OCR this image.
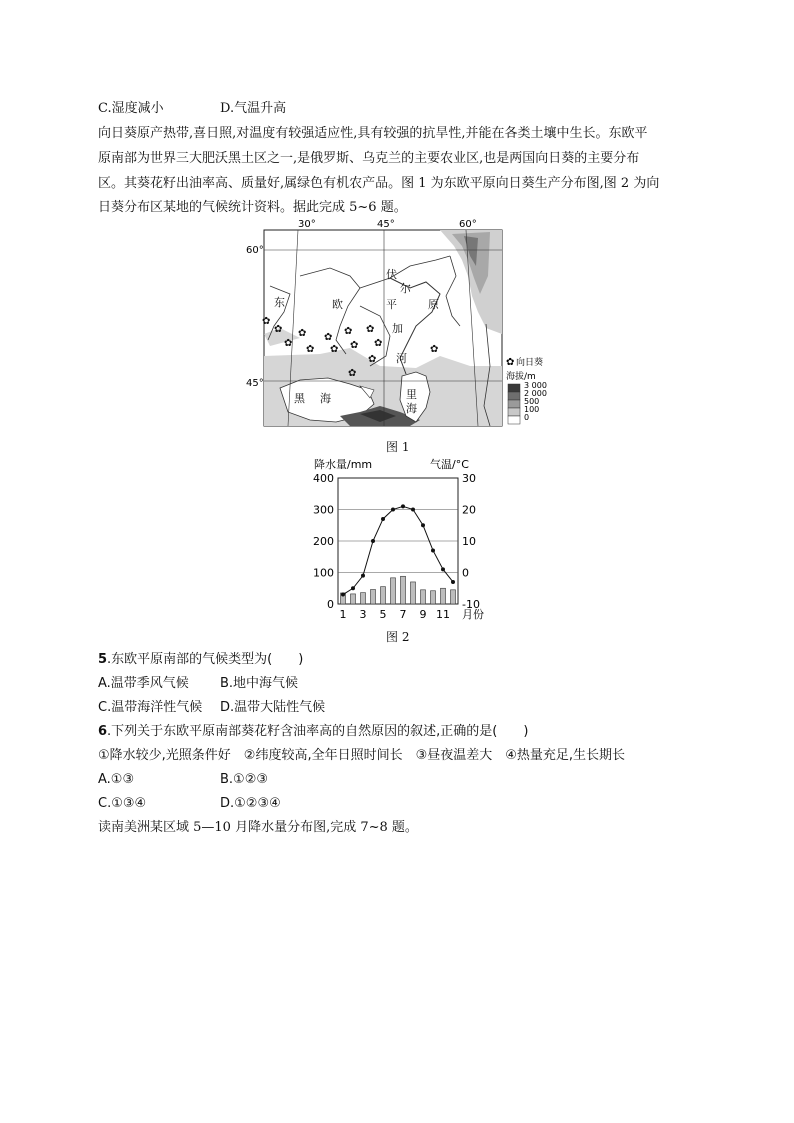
C.湿度减小	D.气温升高
向日葵原产热带,喜日照,对温度有较强适应性,具有较强的抗旱性,并能在各类土壤中生长。东欧平
原南部为世界三大肥沃黑土区之一,是俄罗斯、乌克兰的主要农业区,也是两国向日葵的主要分布
区。其葵花籽出油率高、质量好,属绿色有机农产品。图 1 为东欧平原向日葵生产分布图,图 2 为向
日葵分布区某地的气候统计资料。据此完成 5~6 题。
30°	45°	60°
60°
45°
✿
✿
✿
✿
✿
✿
✿
✿
✿
✿
✿
✿
✿
✿
东	欧	平	原
伏
尔
加
河
黑 海	里
海
✿ 向日葵
海拔/m
3 000
2 000
500
100
0
图 1
降水量/mm	气温/°C
400
300
200
100
0
30
20
10
0
-10
1 3 5 7 9 11 月份
图 2
5.东欧平原南部的气候类型为(　　)
A.温带季风气候 B.地中海气候
C.温带海洋性气候 D.温带大陆性气候
6.下列关于东欧平原南部葵花籽含油率高的自然原因的叙述,正确的是(　　)
①降水较少,光照条件好　②纬度较高,全年日照时间长　③昼夜温差大　④热量充足,生长期长
A.①③	B.①②③
C.①③④	D.①②③④
读南美洲某区域 5—10 月降水量分布图,完成 7~8 题。
